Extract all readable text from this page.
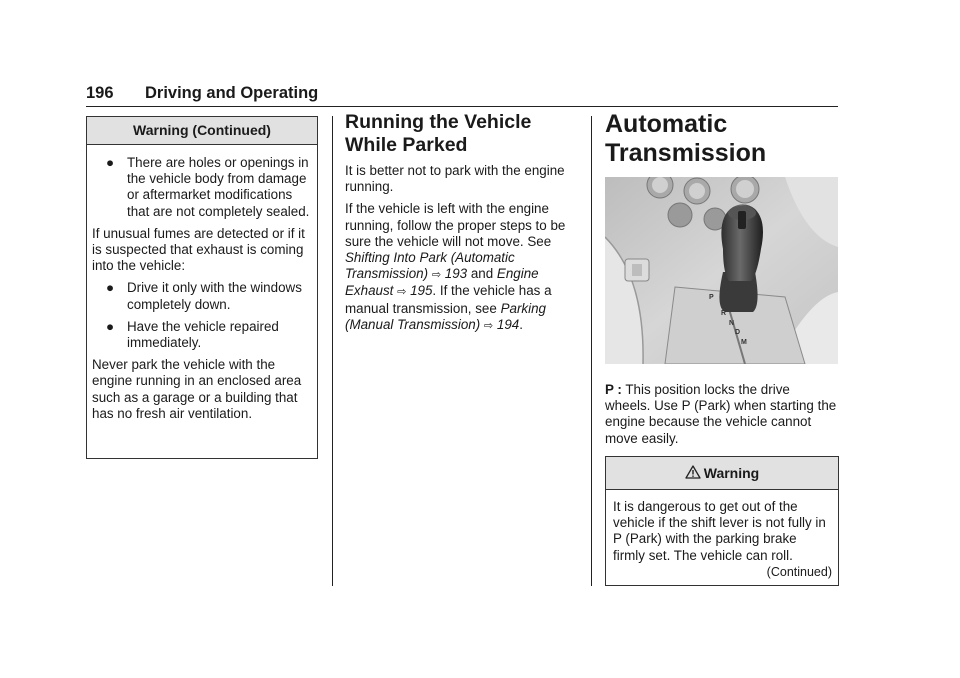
196 Driving and Operating
Warning (Continued)
● There are holes or openings in the vehicle body from damage or aftermarket modifications that are not completely sealed.
If unusual fumes are detected or if it is suspected that exhaust is coming into the vehicle:
● Drive it only with the windows completely down.
● Have the vehicle repaired immediately.
Never park the vehicle with the engine running in an enclosed area such as a garage or a building that has no fresh air ventilation.
Running the Vehicle
While Parked
It is better not to park with the engine running.
If the vehicle is left with the engine running, follow the proper steps to be sure the vehicle will not move. See Shifting Into Park (Automatic Transmission) ⇨ 193 and Engine Exhaust ⇨ 195. If the vehicle has a manual transmission, see Parking (Manual Transmission) ⇨ 194.
Automatic
Transmission
P
R
N
D
M
P : This position locks the drive wheels. Use P (Park) when starting the engine because the vehicle cannot move easily.
Warning
It is dangerous to get out of the vehicle if the shift lever is not fully in P (Park) with the parking brake firmly set. The vehicle can roll.
(Continued)
